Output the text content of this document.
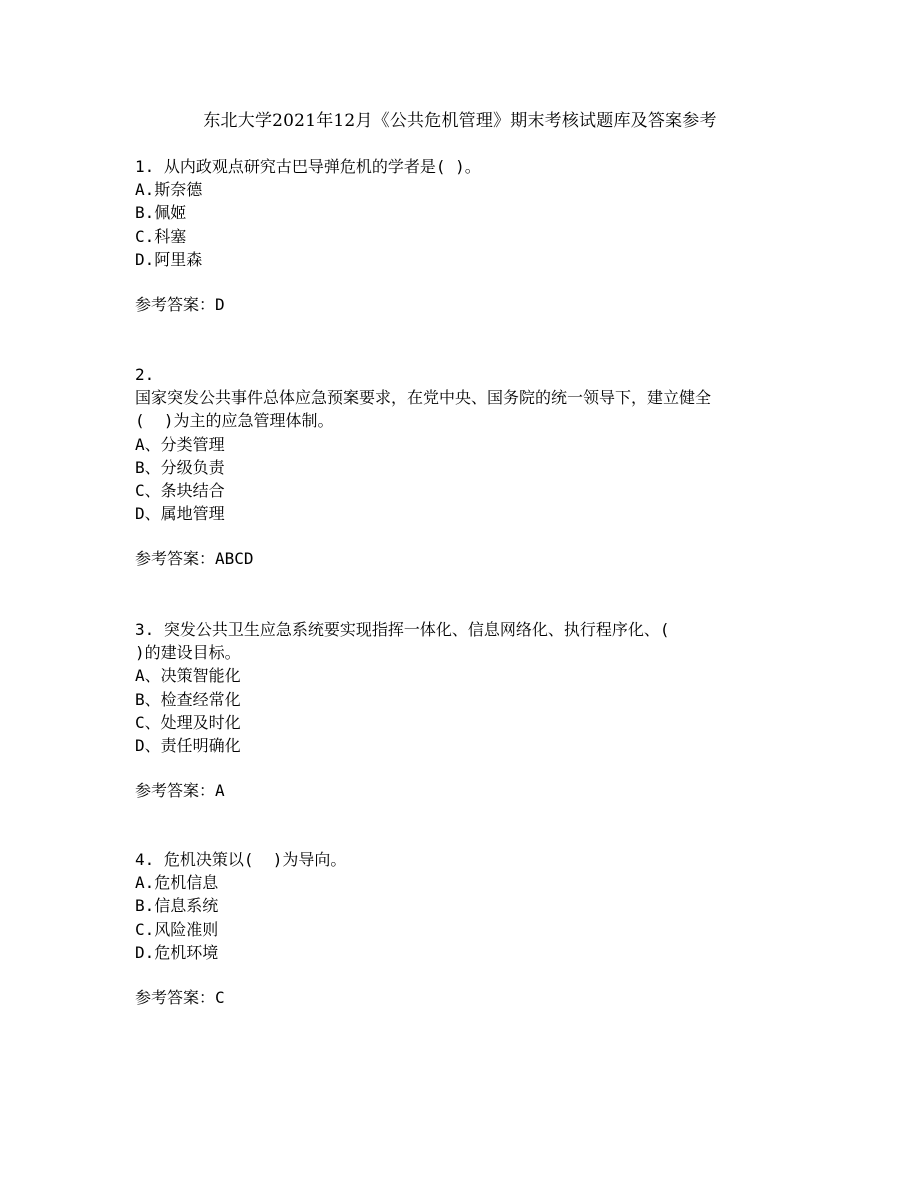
东北大学2021年12月《公共危机管理》期末考核试题库及答案参考
1. 从内政观点研究古巴导弹危机的学者是( )。
A.斯奈德
B.佩姬
C.科塞
D.阿里森
参考答案：D
2.
国家突发公共事件总体应急预案要求，在党中央、国务院的统一领导下，建立健全
(  )为主的应急管理体制。
A、分类管理
B、分级负责
C、条块结合
D、属地管理
参考答案：ABCD
3. 突发公共卫生应急系统要实现指挥一体化、信息网络化、执行程序化、(
)的建设目标。
A、决策智能化
B、检查经常化
C、处理及时化
D、责任明确化
参考答案：A
4. 危机决策以(  )为导向。
A.危机信息
B.信息系统
C.风险准则
D.危机环境
参考答案：C
